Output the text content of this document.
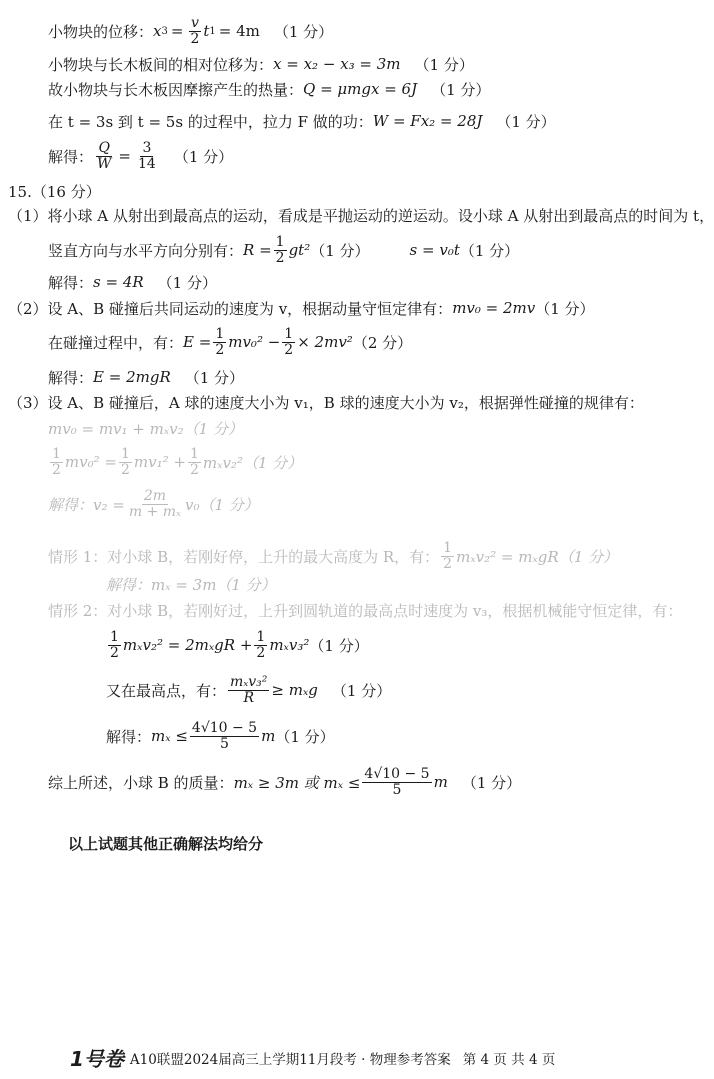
小物块的位移： x $3 = \frac{v}{2}$ t 1 = 4m （1 分）
小物块与长木板间的相对位移为： x = x₂ − x₃ = 3m （1 分）
故小物块与长木板因摩擦产生的热量： Q = μmgx = 6J （1 分）
在 t = 3s 到 t = 5s 的过程中，拉力 F 做的功： W = Fx₂ = 28J （1 分）
解得： $\frac{Q}{W} = \frac{3}{14} (1$ 分）
15.（16 分）
（1）将小球 A 从射出到最高点的运动，看成是平抛运动的逆运动。设小球 A 从射出到最高点的时间为 t，
竖直方向与水平方向分别有： $R = \frac{1}{2} gt^2$ （1 分）	s = v₀t （1 分）
解得： s = 4R （1 分）
（2）设 A、B 碰撞后共同运动的速度为 v，根据动量守恒定律有： mv₀ = 2mv （1 分）
在碰撞过程中，有： $E = \frac{1}{2} mv_0^2 - \frac{1}{2} \times 2mv^2$ （2 分）
解得： E = 2mgR （1 分）
（3）设 A、B 碰撞后，A 球的速度大小为 v₁，B 球的速度大小为 v₂，根据弹性碰撞的规律有：
mv₀ = mv₁ + mₓv₂（1 分）
$\frac{1}{2} mv_0^2 = \frac{1}{2} mv_1^2 + \frac{1}{2} m_xv_2^2(1$ 分）
解得：$v_2 = \frac{2m}{\text{m + mₓ}} v_0(1$ 分）
情形 1：对小球 B，若刚好停，上升的最大高度为 R，有： $\frac{1}{2} m_xv_2^2 = m_xgR(1$ 分）
解得：mₓ = 3m（1 分）
情形 2：对小球 B，若刚好过，上升到圆轨道的最高点时速度为 v₃，根据机械能守恒定律，有：
$\frac{1}{2} m_xv_2^2 = 2m_xgR + \frac{1}{2} m_xv_3^2$ （1 分）
又在最高点，有： $\frac{\text{mₓv₃²}}{R} \ge m_xg$ （1 分）
解得： $m_x \le \frac{4√10 - 5}{5}$ m （1 分）
综上所述，小球 B 的质量： mₓ ≥ 3m 或 $m_x \le \frac{4√10 - 5}{5}$ m （1 分）
以上试题其他正确解法均给分
1号卷 A10联盟2024届高三上学期11月段考 · 物理参考答案 第 4 页 共 4 页
